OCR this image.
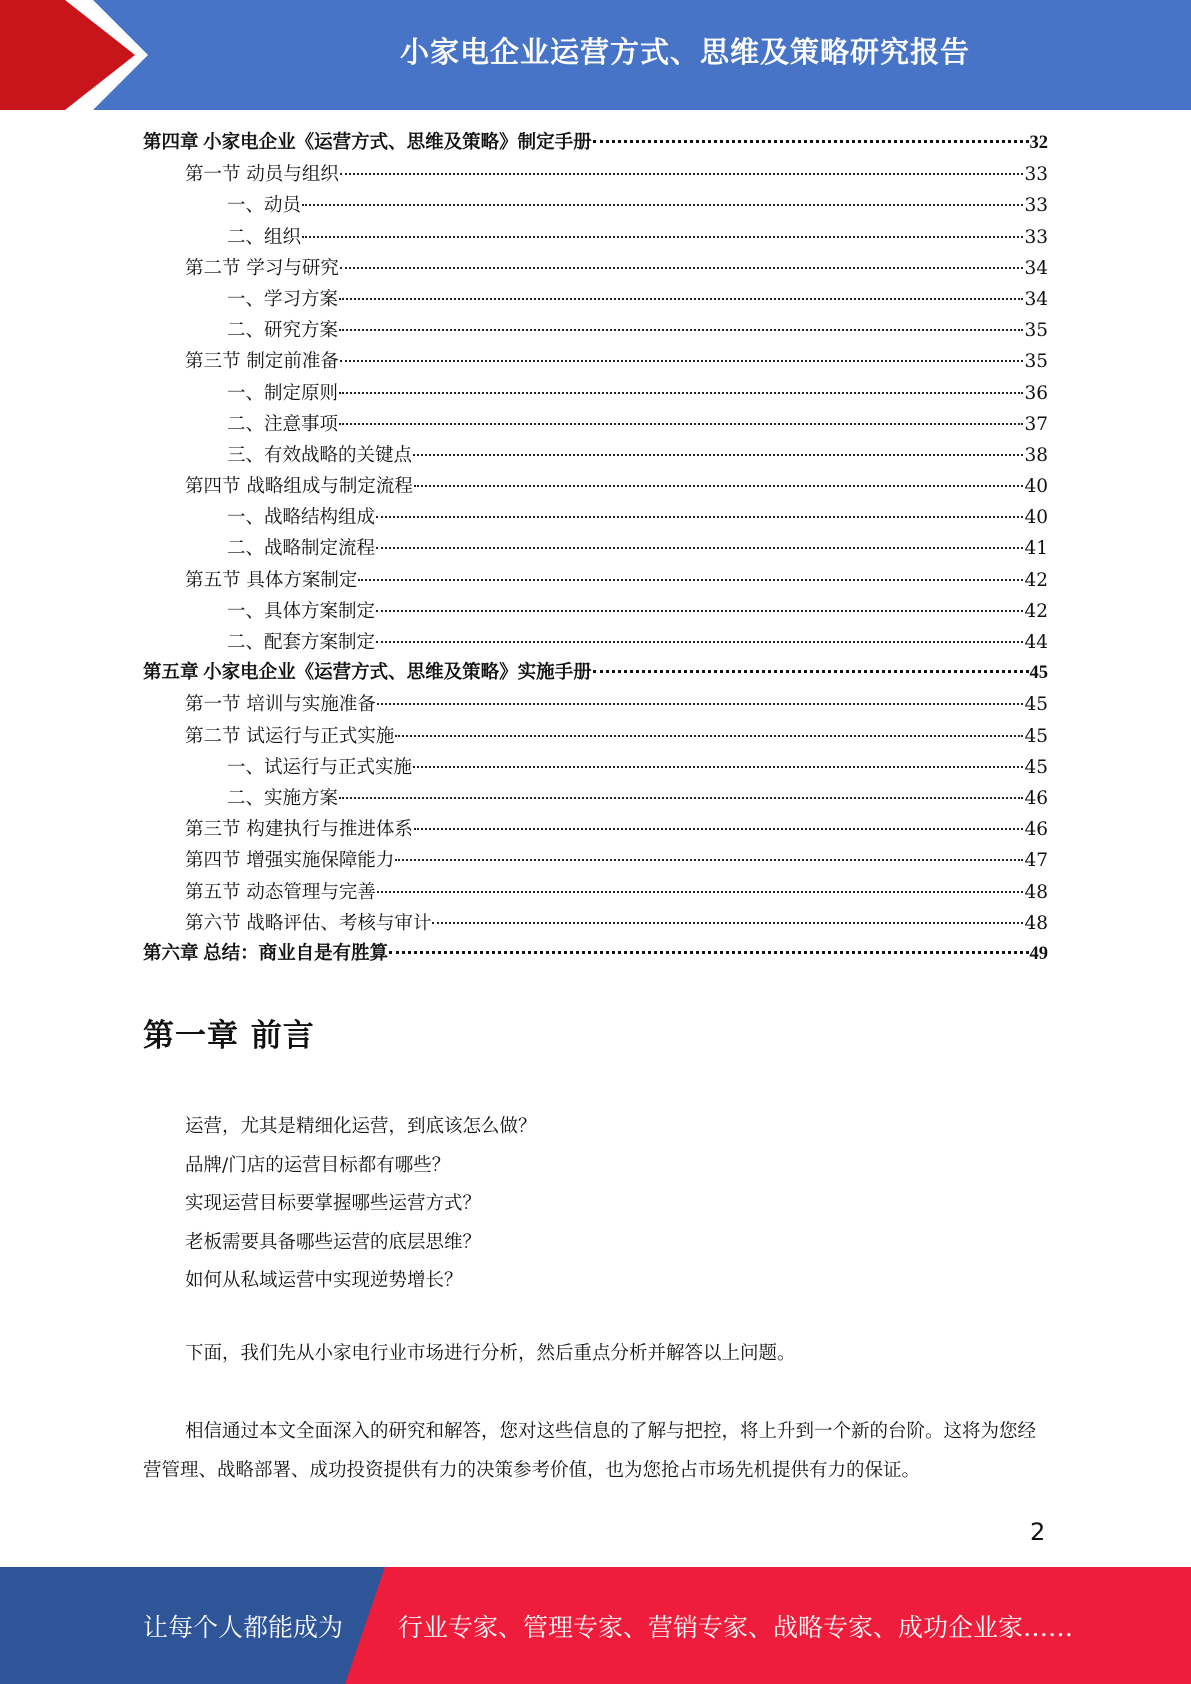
小家电企业运营方式、思维及策略研究报告
第四章 小家电企业《运营方式、思维及策略》制定手册	32
第一节 动员与组织	33
一、动员	33
二、组织	33
第二节 学习与研究	34
一、学习方案	34
二、研究方案	35
第三节 制定前准备	35
一、制定原则	36
二、注意事项	37
三、有效战略的关键点	38
第四节 战略组成与制定流程	40
一、战略结构组成	40
二、战略制定流程	41
第五节 具体方案制定	42
一、具体方案制定	42
二、配套方案制定	44
第五章 小家电企业《运营方式、思维及策略》实施手册	45
第一节 培训与实施准备	45
第二节 试运行与正式实施	45
一、试运行与正式实施	45
二、实施方案	46
第三节 构建执行与推进体系	46
第四节 增强实施保障能力	47
第五节 动态管理与完善	48
第六节 战略评估、考核与审计	48
第六章 总结：商业自是有胜算	49
第一章 前言
运营，尤其是精细化运营，到底该怎么做？
品牌/门店的运营目标都有哪些？
实现运营目标要掌握哪些运营方式？
老板需要具备哪些运营的底层思维？
如何从私域运营中实现逆势增长？
下面，我们先从小家电行业市场进行分析，然后重点分析并解答以上问题。
相信通过本文全面深入的研究和解答，您对这些信息的了解与把控，将上升到一个新的台阶。这将为您经营管理、战略部署、成功投资提供有力的决策参考价值，也为您抢占市场先机提供有力的保证。
2
让每个人都能成为 行业专家、管理专家、营销专家、战略专家、成功企业家……
